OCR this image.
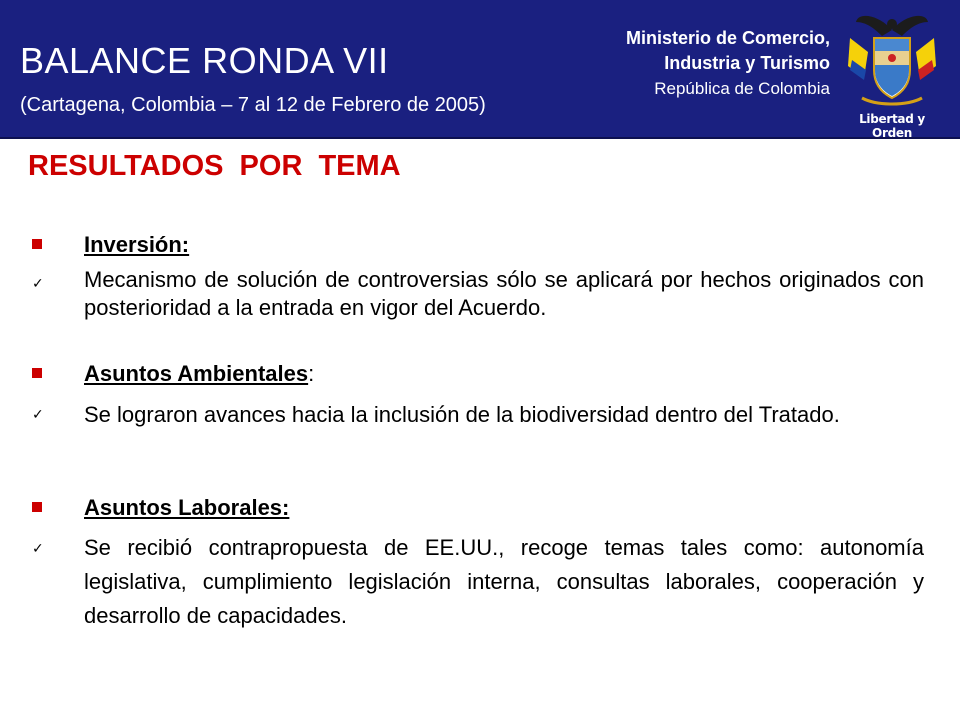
BALANCE RONDA VII
(Cartagena, Colombia – 7 al 12 de Febrero de 2005)
Ministerio de Comercio,
Industria y Turismo
República de Colombia
Libertad y Orden
RESULTADOS POR TEMA
Inversión:
✓ Mecanismo de solución de controversias sólo se aplicará por hechos originados con posterioridad a la entrada en vigor del Acuerdo.
Asuntos Ambientales:
✓ Se lograron avances hacia la inclusión de la biodiversidad dentro del Tratado.
Asuntos Laborales:
✓ Se recibió contrapropuesta de EE.UU., recoge temas tales como: autonomía legislativa, cumplimiento legislación interna, consultas laborales, cooperación y desarrollo de capacidades.
